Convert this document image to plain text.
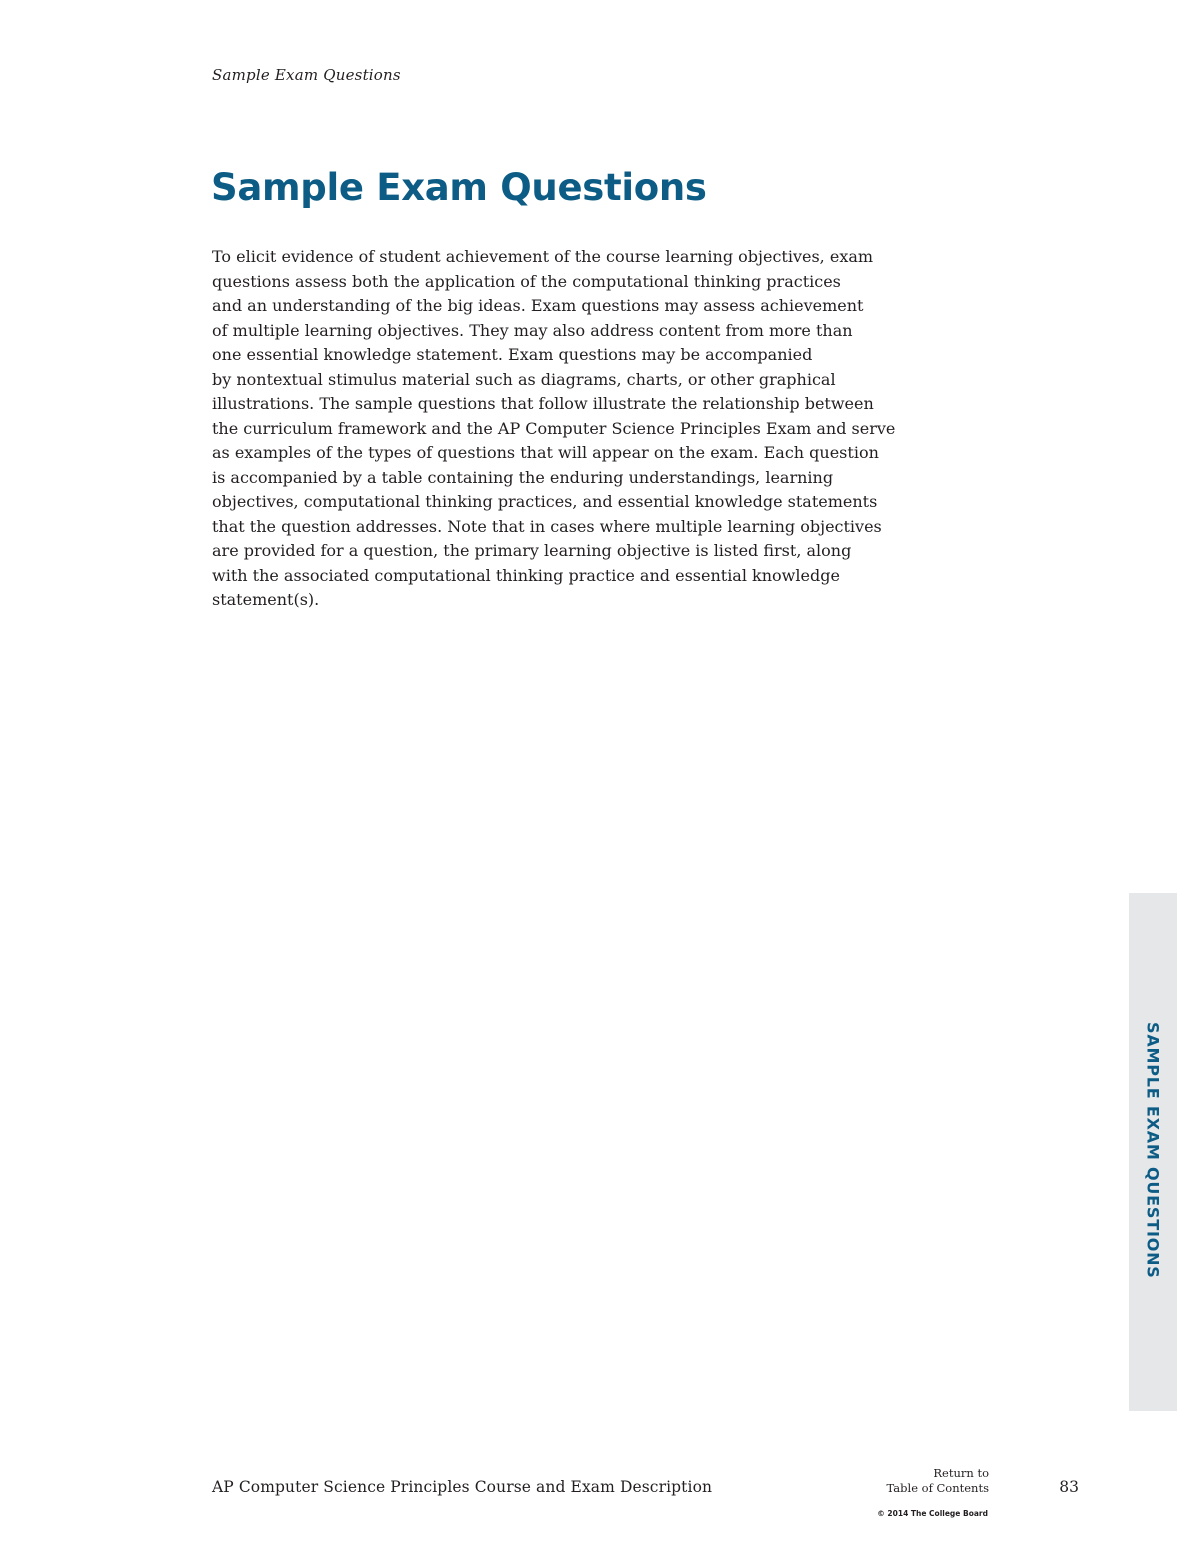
Sample Exam Questions
Sample Exam Questions
To elicit evidence of student achievement of the course learning objectives, exam
questions assess both the application of the computational thinking practices
and an understanding of the big ideas. Exam questions may assess achievement
of multiple learning objectives. They may also address content from more than
one essential knowledge statement. Exam questions may be accompanied
by nontextual stimulus material such as diagrams, charts, or other graphical
illustrations. The sample questions that follow illustrate the relationship between
the curriculum framework and the AP Computer Science Principles Exam and serve
as examples of the types of questions that will appear on the exam. Each question
is accompanied by a table containing the enduring understandings, learning
objectives, computational thinking practices, and essential knowledge statements
that the question addresses. Note that in cases where multiple learning objectives
are provided for a question, the primary learning objective is listed first, along
with the associated computational thinking practice and essential knowledge
statement(s).
SAMPLE EXAM QUESTIONS
AP Computer Science Principles Course and Exam Description
Return to
Table of Contents	83
© 2014 The College Board
